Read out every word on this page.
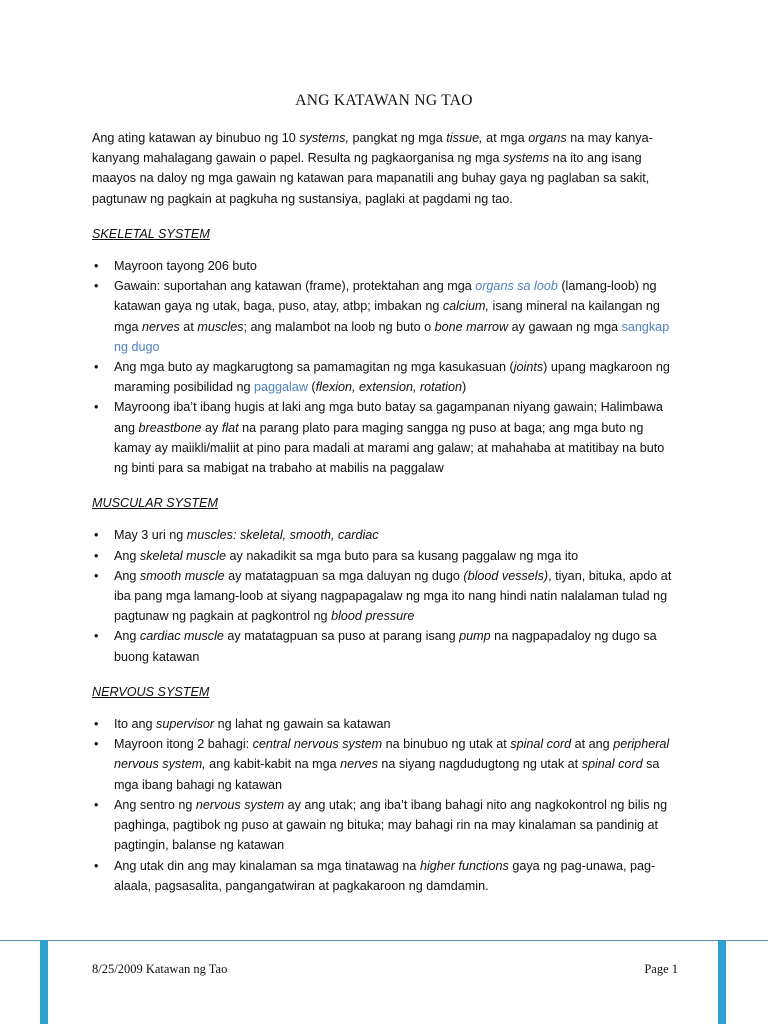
ANG KATAWAN NG TAO

Ang ating katawan ay binubuo ng 10 systems, pangkat ng mga tissue, at mga organs na may kanya-kanyang mahalagang gawain o papel. Resulta ng pagkaorganisa ng mga systems na ito ang isang maayos na daloy ng mga gawain ng katawan para mapanatili ang buhay gaya ng paglaban sa sakit, pagtunaw ng pagkain at pagkuha ng sustansiya, paglaki at pagdami ng tao.

SKELETAL SYSTEM
• Mayroon tayong 206 buto
• Gawain: suportahan ang katawan (frame), protektahan ang mga organs sa loob (lamang-loob) ng katawan gaya ng utak, baga, puso, atay, atbp; imbakan ng calcium, isang mineral na kailangan ng mga nerves at muscles; ang malambot na loob ng buto o bone marrow ay gawaan ng mga sangkap ng dugo
• Ang mga buto ay magkarugtong sa pamamagitan ng mga kasukasuan (joints) upang magkaroon ng maraming posibilidad ng paggalaw (flexion, extension, rotation)
• Mayroong iba’t ibang hugis at laki ang mga buto batay sa gagampanan niyang gawain; Halimbawa ang breastbone ay flat na parang plato para maging sangga ng puso at baga; ang mga buto ng kamay ay maiikli/maliit at pino para madali at marami ang galaw; at mahahaba at matitibay na buto ng binti para sa mabigat na trabaho at mabilis na paggalaw
MUSCULAR SYSTEM
• May 3 uri ng muscles: skeletal, smooth, cardiac
• Ang skeletal muscle ay nakadikit sa mga buto para sa kusang paggalaw ng mga ito
• Ang smooth muscle ay matatagpuan sa mga daluyan ng dugo (blood vessels), tiyan, bituka, apdo at iba pang mga lamang-loob at siyang nagpapagalaw ng mga ito nang hindi natin nalalaman tulad ng pagtunaw ng pagkain at pagkontrol ng blood pressure
• Ang cardiac muscle ay matatagpuan sa puso at parang isang pump na nagpapadaloy ng dugo sa buong katawan
NERVOUS SYSTEM
• Ito ang supervisor ng lahat ng gawain sa katawan
• Mayroon itong 2 bahagi: central nervous system na binubuo ng utak at spinal cord at ang peripheral nervous system, ang kabit-kabit na mga nerves na siyang nagdudugtong ng utak at spinal cord sa mga ibang bahagi ng katawan
• Ang sentro ng nervous system ay ang utak; ang iba’t ibang bahagi nito ang nagkokontrol ng bilis ng paghinga, pagtibok ng puso at gawain ng bituka; may bahagi rin na may kinalaman sa pandinig at pagtingin, balanse ng katawan
• Ang utak din ang may kinalaman sa mga tinatawag na higher functions gaya ng pag-unawa, pag-alaala, pagsasalita, pangangatwiran at pagkakaroon ng damdamin.
8/25/2009 Katawan ng Tao	Page 1
